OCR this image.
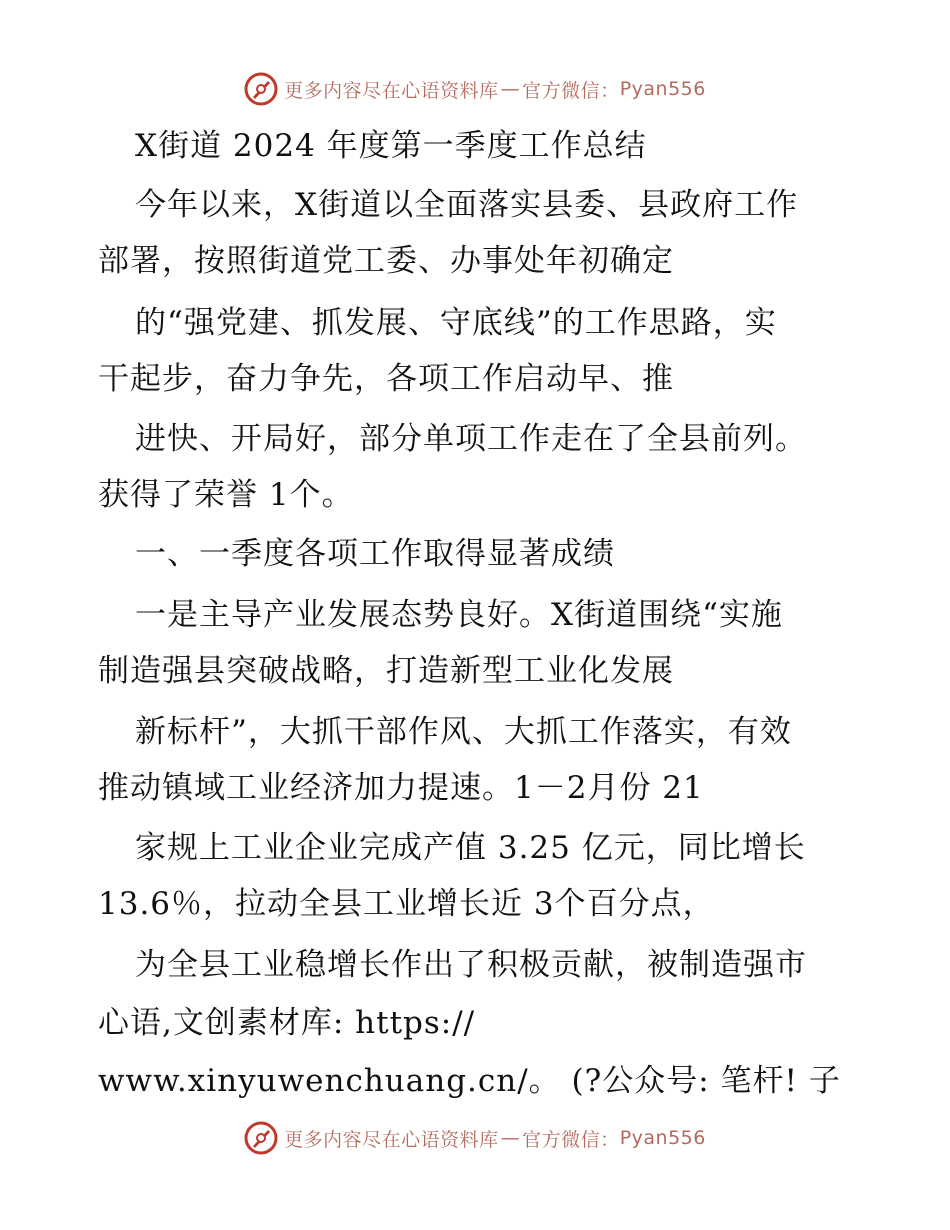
更多内容尽在心语资料库 — 官方微信： Pyan556
X街道 2024 年度第一季度工作总结
今年以来，X街道以全面落实县委、县政府工作
部署，按照街道党工委、办事处年初确定
的“强党建、抓发展、守底线”的工作思路，实
干起步，奋力争先，各项工作启动早、推
进快、开局好，部分单项工作走在了全县前列。
获得了荣誉 1个。
一、一季度各项工作取得显著成绩
一是主导产业发展态势良好。X街道围绕“实施
制造强县突破战略，打造新型工业化发展
新标杆”，大抓干部作风、大抓工作落实，有效
推动镇域工业经济加力提速。1－2月份 21
家规上工业企业完成产值 3.25 亿元，同比增长
13.6％，拉动全县工业增长近 3个百分点，
为全县工业稳增长作出了积极贡献，被制造强市
心语,文创素材库: https://
www.xinyuwenchuang.cn/。 (?公众号: 笔杆! 子
更多内容尽在心语资料库 — 官方微信： Pyan556
